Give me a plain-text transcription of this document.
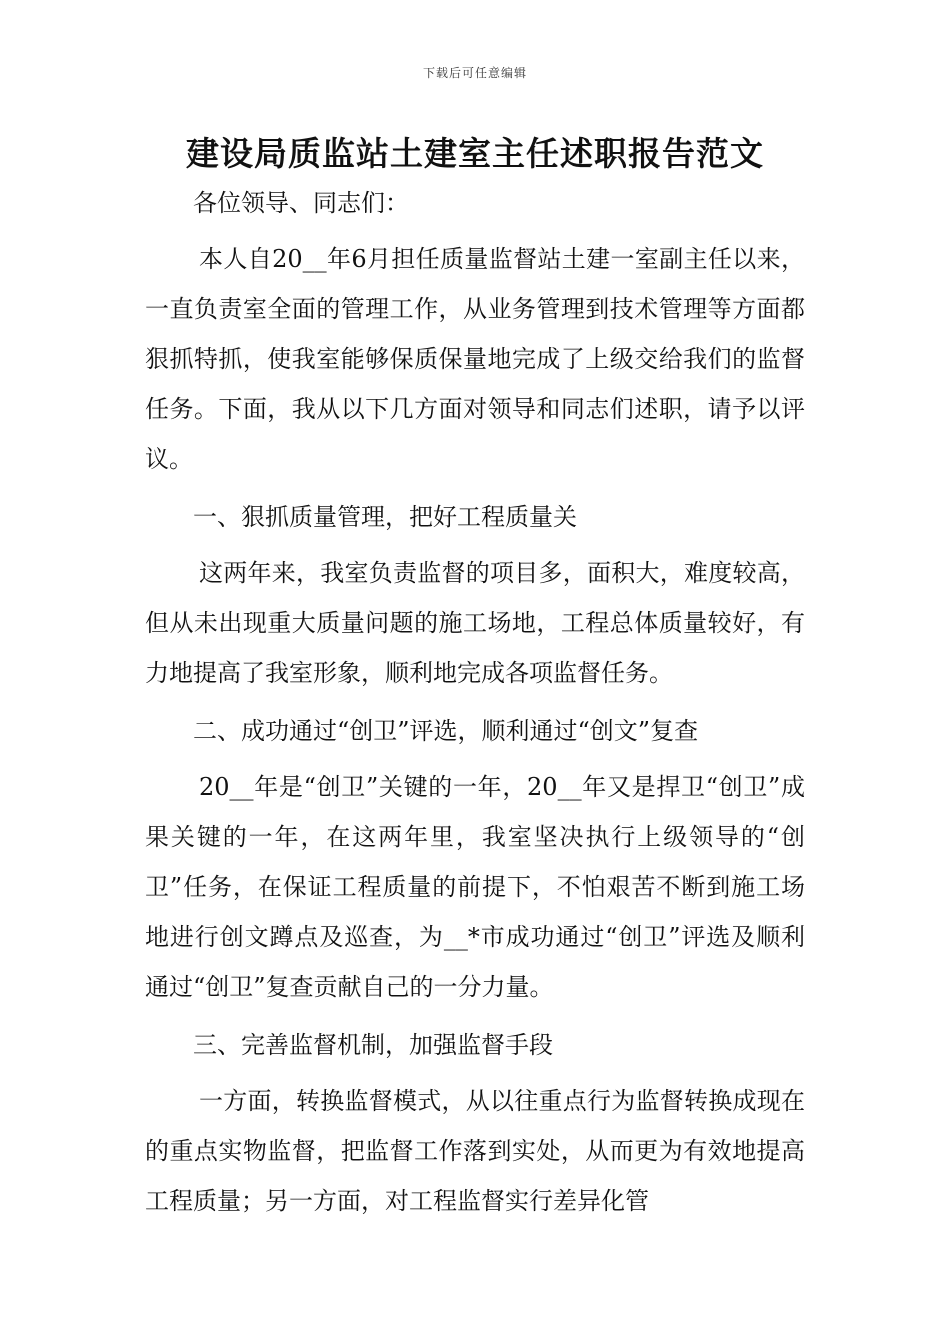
下载后可任意编辑
建设局质监站土建室主任述职报告范文

各位领导、同志们：

本人自20__年6月担任质量监督站土建一室副主任以来，一直负责室全面的管理工作，从业务管理到技术管理等方面都狠抓特抓，使我室能够保质保量地完成了上级交给我们的监督任务。下面，我从以下几方面对领导和同志们述职，请予以评议。

一、狠抓质量管理，把好工程质量关

这两年来，我室负责监督的项目多，面积大，难度较高，但从未出现重大质量问题的施工场地，工程总体质量较好，有力地提高了我室形象，顺利地完成各项监督任务。

二、成功通过“创卫”评选，顺利通过“创文”复查

20__年是“创卫”关键的一年，20__年又是捍卫“创卫”成果关键的一年，在这两年里，我室坚决执行上级领导的“创卫”任务，在保证工程质量的前提下，不怕艰苦不断到施工场地进行创文蹲点及巡查，为__*市成功通过“创卫”评选及顺利通过“创卫”复查贡献自己的一分力量。

三、完善监督机制，加强监督手段

一方面，转换监督模式，从以往重点行为监督转换成现在的重点实物监督，把监督工作落到实处，从而更为有效地提高工程质量；另一方面，对工程监督实行差异化管
